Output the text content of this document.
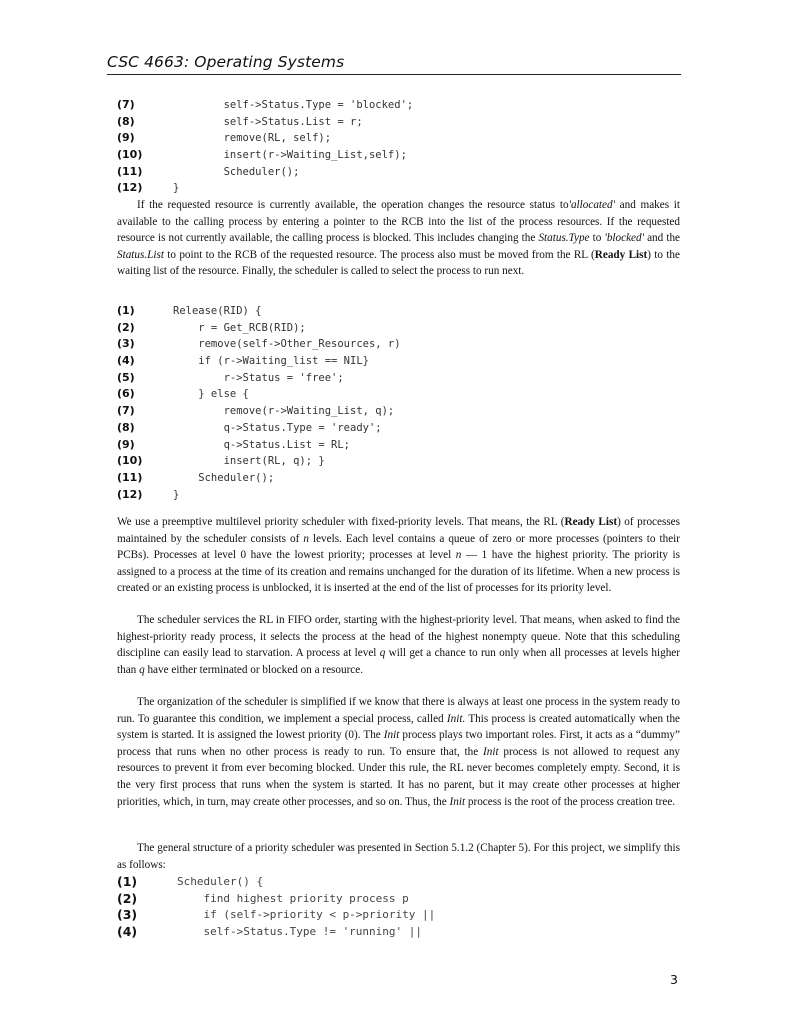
CSC 4663: Operating Systems
(7)	self->Status.Type = 'blocked';
(8)	self->Status.List = r;
(9)	remove(RL, self);
(10)	insert(r->Waiting_List,self);
(11)	Scheduler();
(12)	}
If the requested resource is currently available, the operation changes the resource status to'allocated' and makes it available to the calling process by entering a pointer to the RCB into the list of the process resources. If the requested resource is not currently available, the calling process is blocked. This includes changing the Status.Type to 'blocked' and the Status.List to point to the RCB of the requested resource. The process also must be moved from the RL (Ready List) to the waiting list of the resource. Finally, the scheduler is called to select the process to run next.
(1)	Release(RID) {
(2)	r = Get_RCB(RID);
(3)	remove(self->Other_Resources, r)
(4)	if (r->Waiting_list == NIL}
(5)	r->Status = 'free';
(6)	} else {
(7)	remove(r->Waiting_List, q);
(8)	q->Status.Type = 'ready';
(9)	q->Status.List = RL;
(10)	insert(RL, q); }
(11)	Scheduler();
(12)	}
We use a preemptive multilevel priority scheduler with fixed-priority levels. That means, the RL (Ready List) of processes maintained by the scheduler consists of n levels. Each level contains a queue of zero or more processes (pointers to their PCBs). Processes at level 0 have the lowest priority; processes at level n — 1 have the highest priority. The priority is assigned to a process at the time of its creation and remains unchanged for the duration of its lifetime. When a new process is created or an existing process is unblocked, it is inserted at the end of the list of processes for its priority level.
The scheduler services the RL in FIFO order, starting with the highest-priority level. That means, when asked to find the highest-priority ready process, it selects the process at the head of the highest nonempty queue. Note that this scheduling discipline can easily lead to starvation. A process at level q will get a chance to run only when all processes at levels higher than q have either terminated or blocked on a resource.
The organization of the scheduler is simplified if we know that there is always at least one process in the system ready to run. To guarantee this condition, we implement a special process, called Init. This process is created automatically when the system is started. It is assigned the lowest priority (0). The Init process plays two important roles. First, it acts as a “dummy” process that runs when no other process is ready to run. To ensure that, the Init process is not allowed to request any resources to prevent it from ever becoming blocked. Under this rule, the RL never becomes completely empty. Second, it is the very first process that runs when the system is started. It has no parent, but it may create other processes at higher priorities, which, in turn, may create other processes, and so on. Thus, the Init process is the root of the process creation tree.
The general structure of a priority scheduler was presented in Section 5.1.2 (Chapter 5). For this project, we simplify this as follows:
(1)	Scheduler() {
(2)	find highest priority process p
(3)	if (self->priority < p->priority ||
(4)	self->Status.Type != 'running' ||
3
